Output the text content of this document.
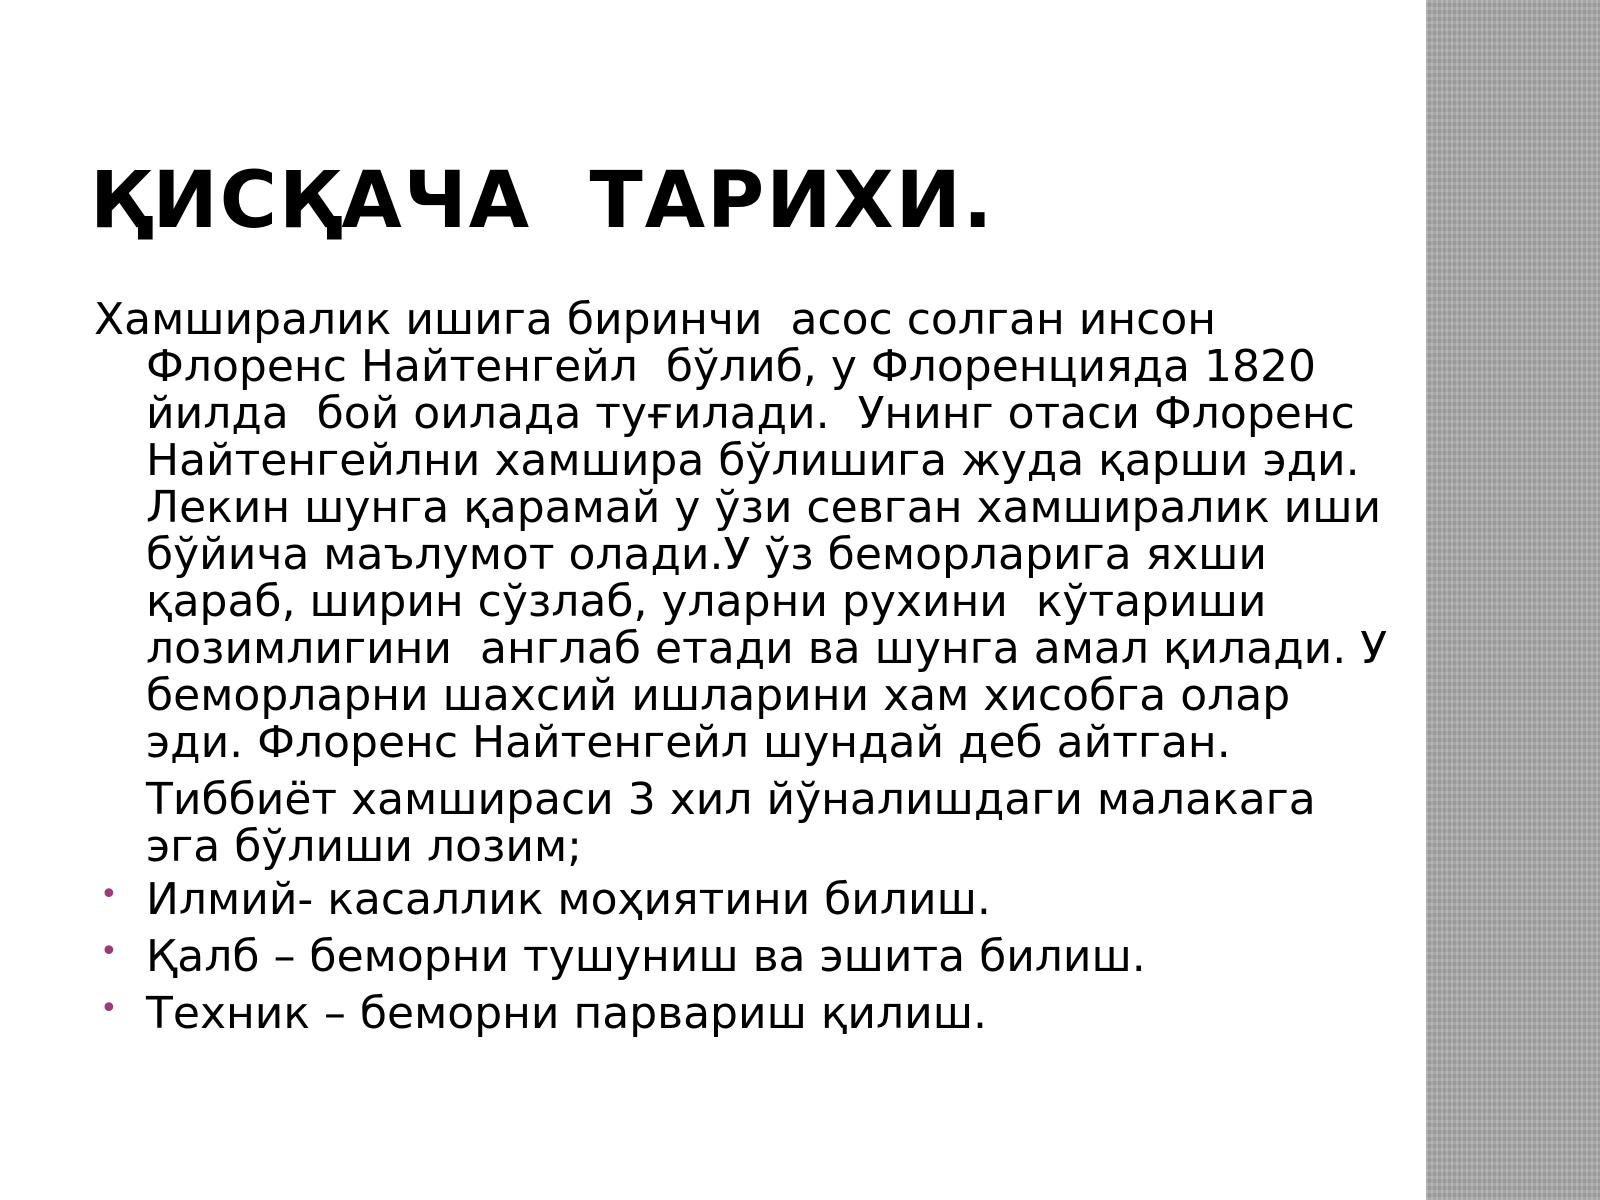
ҚИСҚАЧА  ТАРИХИ.

Хамширалик ишига биринчи  асос солган инсон Флоренс Найтенгейл  бўлиб, у Флоренцияда 1820 йилда  бой оилада туғилади.  Унинг отаси Флоренс Найтенгейлни хамшира бўлишига жуда қарши эди. Лекин шунга қарамай у ўзи севган хамширалик иши бўйича маълумот олади.У ўз беморларига яхши қараб, ширин сўзлаб, уларни рухини  кўтариши лозимлигини  англаб етади ва шунга амал қилади. У беморларни шахсий ишларини хам хисобга олар эди. Флоренс Найтенгейл шундай деб айтган.

Тиббиёт хамшираси 3 хил йўналишдаги малакага эга бўлиши лозим;

• Илмий- касаллик моҳиятини билиш.
• Қалб – беморни тушуниш ва эшита билиш.
• Техник – беморни парвариш қилиш.
